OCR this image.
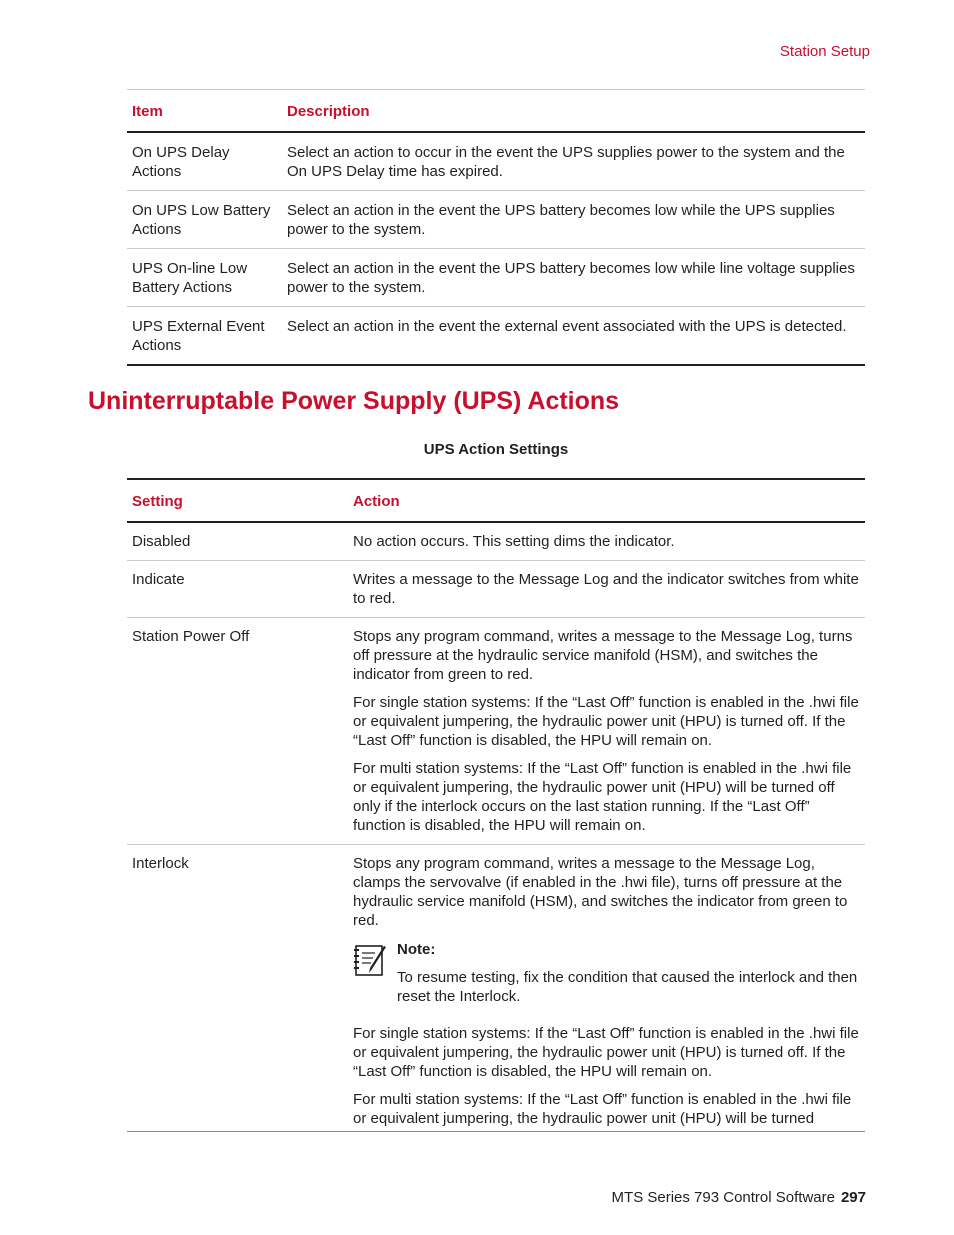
Station Setup
Item	Description
On UPS Delay Actions	Select an action to occur in the event the UPS supplies power to the system and the On UPS Delay time has expired.
On UPS Low Battery Actions	Select an action in the event the UPS battery becomes low while the UPS supplies power to the system.
UPS On-line Low Battery Actions	Select an action in the event the UPS battery becomes low while line voltage supplies power to the system.
UPS External Event Actions	Select an action in the event the external event associated with the UPS is detected.
Uninterruptable Power Supply (UPS) Actions
UPS Action Settings
Setting	Action
Disabled	No action occurs. This setting dims the indicator.

Indicate	Writes a message to the Message Log and the indicator switches from white to red.

Station Power Off	Stops any program command, writes a message to the Message Log, turns off pressure at the hydraulic service manifold (HSM), and switches the indicator from green to red.

For single station systems: If the “Last Off” function is enabled in the .hwi file or equivalent jumpering, the hydraulic power unit (HPU) is turned off. If the “Last Off” function is disabled, the HPU will remain on.

For multi station systems: If the “Last Off” function is enabled in the .hwi file or equivalent jumpering, the hydraulic power unit (HPU) will be turned off only if the interlock occurs on the last station running. If the “Last Off” function is disabled, the HPU will remain on.

Interlock	Stops any program command, writes a message to the Message Log, clamps the servovalve (if enabled in the .hwi file), turns off pressure at the hydraulic service manifold (HSM), and switches the indicator from green to red.

Note:
To resume testing, fix the condition that caused the interlock and then reset the Interlock.

For single station systems: If the “Last Off” function is enabled in the .hwi file or equivalent jumpering, the hydraulic power unit (HPU) is turned off. If the “Last Off” function is disabled, the HPU will remain on.

For multi station systems: If the “Last Off” function is enabled in the .hwi file or equivalent jumpering, the hydraulic power unit (HPU) will be turned

MTS Series 793 Control Software 297
